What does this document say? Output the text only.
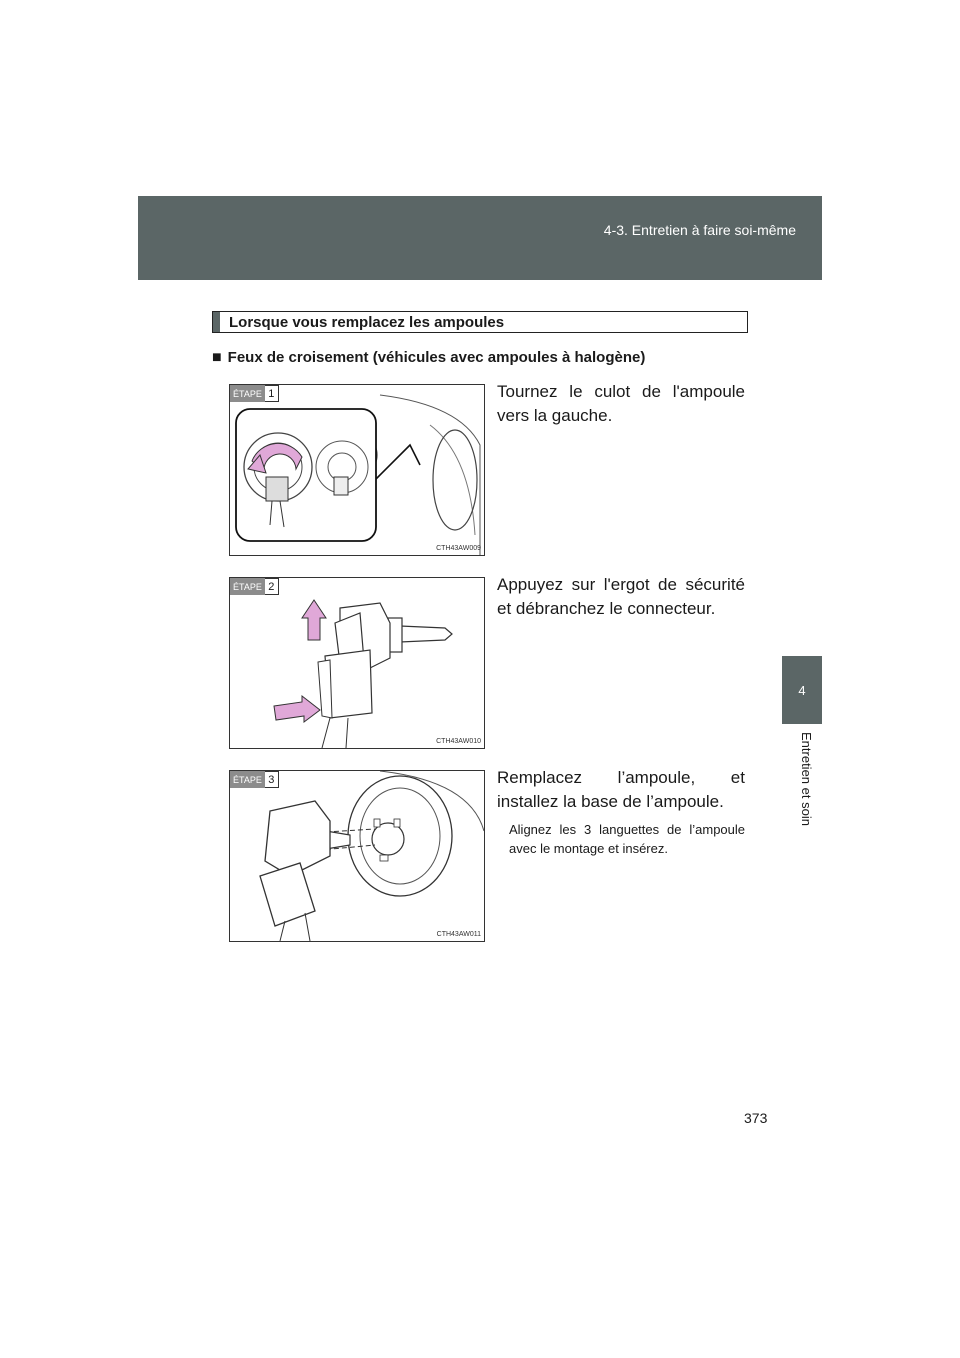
4-3. Entretien à faire soi-même
4
Entretien et soin
Lorsque vous remplacez les ampoules
■ Feux de croisement (véhicules avec ampoules à halogène)
ÉTAPE 1
CTH43AW009
Tournez le culot de l'ampoule vers la gauche.
ÉTAPE 2
CTH43AW010
Appuyez sur l'ergot de sécurité et débranchez le connecteur.
ÉTAPE 3
CTH43AW011
Remplacez l’ampoule, et installez la base de l’ampoule.
Alignez les 3 languettes de l’ampoule avec le montage et insérez.
373
